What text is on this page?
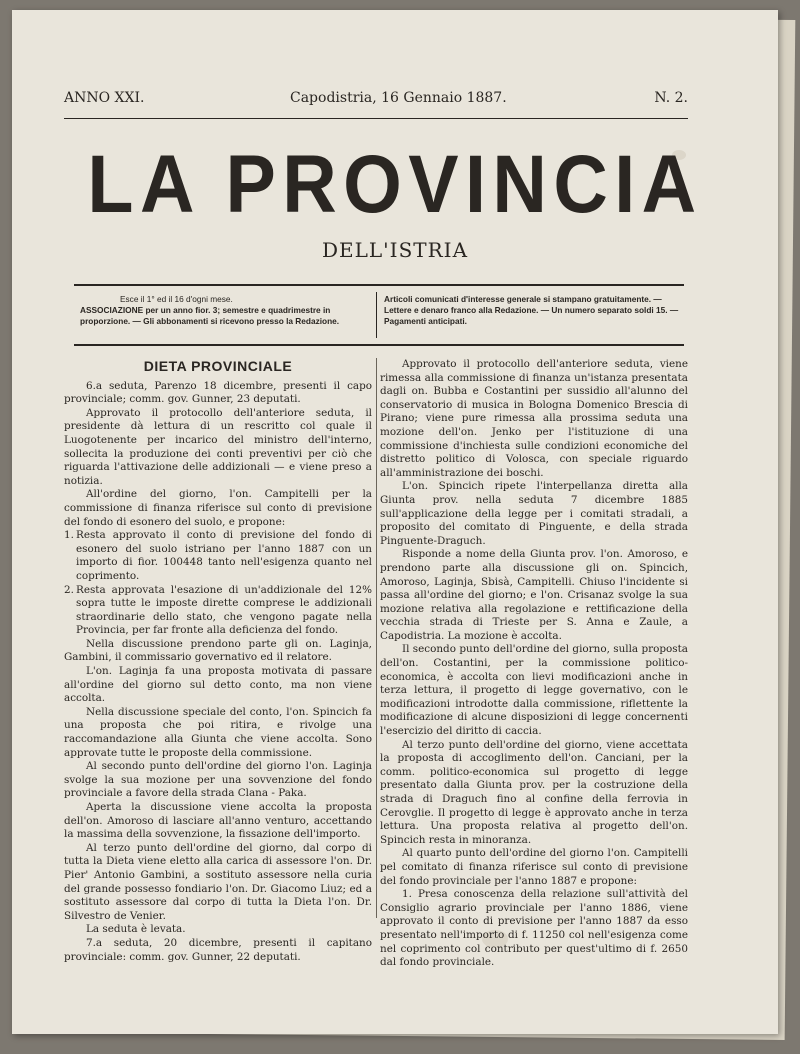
ANNO XXI.	Capodistria, 16 Gennaio 1887.	N. 2.
LA PROVINCIA
DELL'ISTRIA

Esce il 1° ed il 16 d'ogni mese.

ASSOCIAZIONE per un anno fior. 3; semestre e quadrimestre in proporzione. — Gli abbonamenti si ricevono presso la Redazione.

Articoli comunicati d'interesse generale si stampano gratuitamente. — Lettere e denaro franco alla Redazione. — Un numero separato soldi 15. — Pagamenti anticipati.

DIETA PROVINCIALE

6.a seduta, Parenzo 18 dicembre, presenti il capo provinciale; comm. gov. Gunner, 23 deputati.

Approvato il protocollo dell'anteriore seduta, il presidente dà lettura di un rescritto col quale il Luogotenente per incarico del ministro dell'interno, sollecita la produzione dei conti preventivi per ciò che riguarda l'attivazione delle addizionali — e viene preso a notizia.

All'ordine del giorno, l'on. Campitelli per la commissione di finanza riferisce sul conto di previsione del fondo di esonero del suolo, e propone:

1. Resta approvato il conto di previsione del fondo di esonero del suolo istriano per l'anno 1887 con un importo di fior. 100448 tanto nell'esigenza quanto nel coprimento.

2. Resta approvata l'esazione di un'addizionale del 12% sopra tutte le imposte dirette comprese le addizionali straordinarie dello stato, che vengono pagate nella Provincia, per far fronte alla deficienza del fondo.

Nella discussione prendono parte gli on. Laginja, Gambini, il commissario governativo ed il relatore.

L'on. Laginja fa una proposta motivata di passare all'ordine del giorno sul detto conto, ma non viene accolta.

Nella discussione speciale del conto, l'on. Spincich fa una proposta che poi ritira, e rivolge una raccomandazione alla Giunta che viene accolta. Sono approvate tutte le proposte della commissione.

Al secondo punto dell'ordine del giorno l'on. Laginja svolge la sua mozione per una sovvenzione del fondo provinciale a favore della strada Clana - Paka.

Aperta la discussione viene accolta la proposta dell'on. Amoroso di lasciare all'anno venturo, accettando la massima della sovvenzione, la fissazione dell'importo.

Al terzo punto dell'ordine del giorno, dal corpo di tutta la Dieta viene eletto alla carica di assessore l'on. Dr. Pier' Antonio Gambini, a sostituto assessore nella curia del grande possesso fondiario l'on. Dr. Giacomo Liuz; ed a sostituto assessore dal corpo di tutta la Dieta l'on. Dr. Silvestro de Venier.

La seduta è levata.

7.a seduta, 20 dicembre, presenti il capitano provinciale: comm. gov. Gunner, 22 deputati.

Approvato il protocollo dell'anteriore seduta, viene rimessa alla commissione di finanza un'istanza presentata dagli on. Bubba e Costantini per sussidio all'alunno del conservatorio di musica in Bologna Domenico Brescia di Pirano; viene pure rimessa alla prossima seduta una mozione dell'on. Jenko per l'istituzione di una commissione d'inchiesta sulle condizioni economiche del distretto politico di Volosca, con speciale riguardo all'amministrazione dei boschi.

L'on. Spincich ripete l'interpellanza diretta alla Giunta prov. nella seduta 7 dicembre 1885 sull'applicazione della legge per i comitati stradali, a proposito del comitato di Pinguente, e della strada Pinguente-Draguch.

Risponde a nome della Giunta prov. l'on. Amoroso, e prendono parte alla discussione gli on. Spincich, Amoroso, Laginja, Sbisà, Campitelli. Chiuso l'incidente si passa all'ordine del giorno; e l'on. Crisanaz svolge la sua mozione relativa alla regolazione e rettificazione della vecchia strada di Trieste per S. Anna e Zaule, a Capodistria. La mozione è accolta.

Il secondo punto dell'ordine del giorno, sulla proposta dell'on. Costantini, per la commissione politico-economica, è accolta con lievi modificazioni anche in terza lettura, il progetto di legge governativo, con le modificazioni introdotte dalla commissione, riflettente la modificazione di alcune disposizioni di legge concernenti l'esercizio del diritto di caccia.

Al terzo punto dell'ordine del giorno, viene accettata la proposta di accoglimento dell'on. Canciani, per la comm. politico-economica sul progetto di legge presentato dalla Giunta prov. per la costruzione della strada di Draguch fino al confine della ferrovia in Cerovglie. Il progetto di legge è approvato anche in terza lettura. Una proposta relativa al progetto dell'on. Spincich resta in minoranza.

Al quarto punto dell'ordine del giorno l'on. Campitelli pel comitato di finanza riferisce sul conto di previsione del fondo provinciale per l'anno 1887 e propone:

1. Presa conoscenza della relazione sull'attività del Consiglio agrario provinciale per l'anno 1886, viene approvato il conto di previsione per l'anno 1887 da esso presentato nell'importo di f. 11250 col nell'esigenza come nel coprimento col contributo per quest'ultimo di f. 2650 dal fondo provinciale.
